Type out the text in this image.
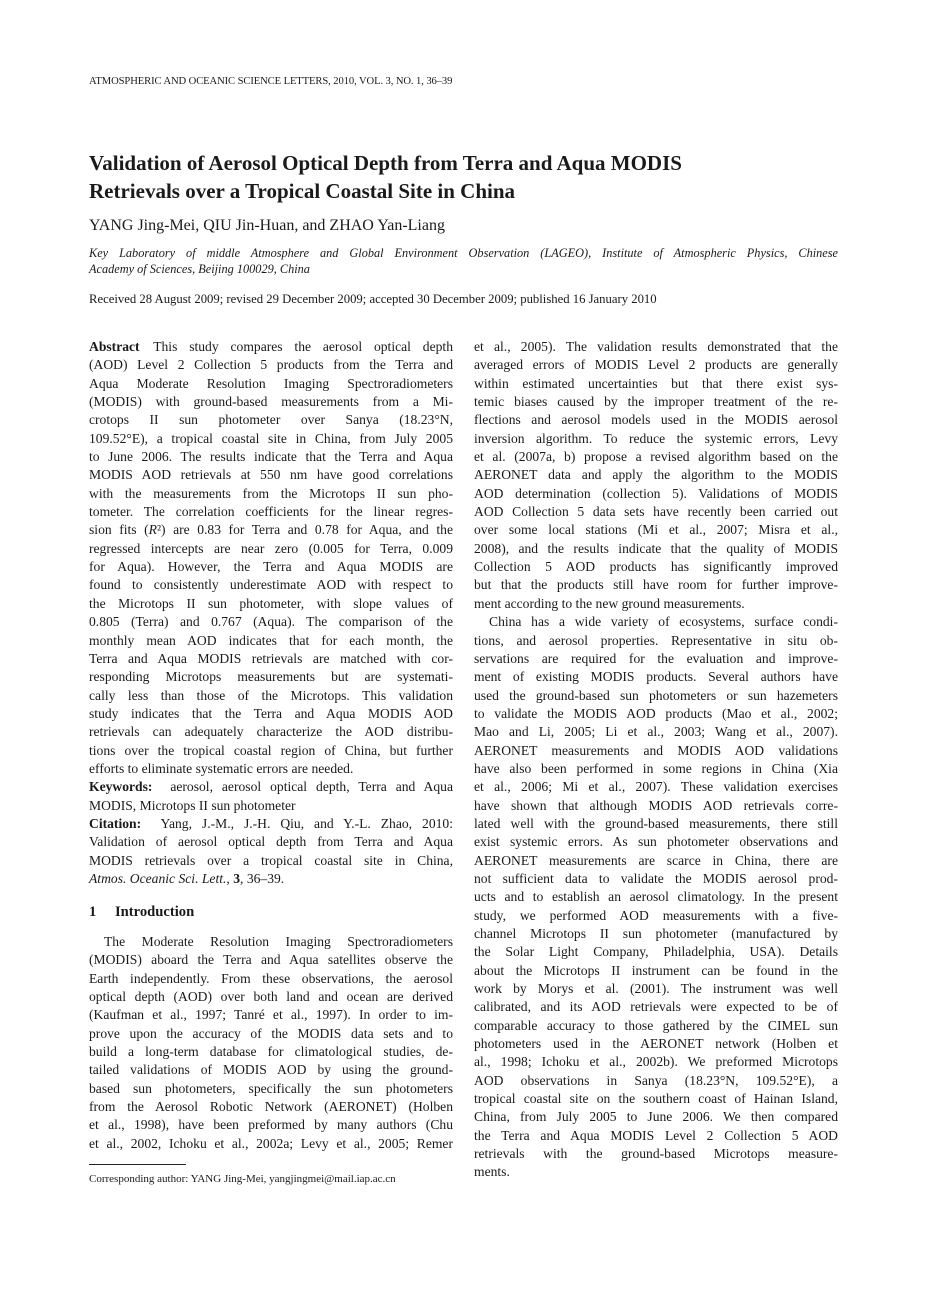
ATMOSPHERIC AND OCEANIC SCIENCE LETTERS, 2010, VOL. 3, NO. 1, 36–39
Validation of Aerosol Optical Depth from Terra and Aqua MODIS
Retrievals over a Tropical Coastal Site in China
YANG Jing-Mei, QIU Jin-Huan, and ZHAO Yan-Liang
Key Laboratory of middle Atmosphere and Global Environment Observation (LAGEO), Institute of Atmospheric Physics, Chinese
Academy of Sciences, Beijing 100029, China
Received 28 August 2009; revised 29 December 2009; accepted 30 December 2009; published 16 January 2010
Abstract This study compares the aerosol optical depth
(AOD) Level 2 Collection 5 products from the Terra and
Aqua Moderate Resolution Imaging Spectroradiometers
(MODIS) with ground-based measurements from a Mi-
crotops II sun photometer over Sanya (18.23°N,
109.52°E), a tropical coastal site in China, from July 2005
to June 2006. The results indicate that the Terra and Aqua
MODIS AOD retrievals at 550 nm have good correlations
with the measurements from the Microtops II sun pho-
tometer. The correlation coefficients for the linear regres-
sion fits (R²) are 0.83 for Terra and 0.78 for Aqua, and the
regressed intercepts are near zero (0.005 for Terra, 0.009
for Aqua). However, the Terra and Aqua MODIS are
found to consistently underestimate AOD with respect to
the Microtops II sun photometer, with slope values of
0.805 (Terra) and 0.767 (Aqua). The comparison of the
monthly mean AOD indicates that for each month, the
Terra and Aqua MODIS retrievals are matched with cor-
responding Microtops measurements but are systemati-
cally less than those of the Microtops. This validation
study indicates that the Terra and Aqua MODIS AOD
retrievals can adequately characterize the AOD distribu-
tions over the tropical coastal region of China, but further
efforts to eliminate systematic errors are needed.
Keywords:  aerosol, aerosol optical depth, Terra and Aqua
MODIS, Microtops II sun photometer
Citation:  Yang, J.-M., J.-H. Qiu, and Y.-L. Zhao, 2010:
Validation of aerosol optical depth from Terra and Aqua
MODIS retrievals over a tropical coastal site in China,
Atmos. Oceanic Sci. Lett., 3, 36–39.
1 Introduction
The Moderate Resolution Imaging Spectroradiometers
(MODIS) aboard the Terra and Aqua satellites observe the
Earth independently. From these observations, the aerosol
optical depth (AOD) over both land and ocean are derived
(Kaufman et al., 1997; Tanré et al., 1997). In order to im-
prove upon the accuracy of the MODIS data sets and to
build a long-term database for climatological studies, de-
tailed validations of MODIS AOD by using the ground-
based sun photometers, specifically the sun photometers
from the Aerosol Robotic Network (AERONET) (Holben
et al., 1998), have been preformed by many authors (Chu
et al., 2002, Ichoku et al., 2002a; Levy et al., 2005; Remer
et al., 2005). The validation results demonstrated that the
averaged errors of MODIS Level 2 products are generally
within estimated uncertainties but that there exist sys-
temic biases caused by the improper treatment of the re-
flections and aerosol models used in the MODIS aerosol
inversion algorithm. To reduce the systemic errors, Levy
et al. (2007a, b) propose a revised algorithm based on the
AERONET data and apply the algorithm to the MODIS
AOD determination (collection 5). Validations of MODIS
AOD Collection 5 data sets have recently been carried out
over some local stations (Mi et al., 2007; Misra et al.,
2008), and the results indicate that the quality of MODIS
Collection 5 AOD products has significantly improved
but that the products still have room for further improve-
ment according to the new ground measurements.
China has a wide variety of ecosystems, surface condi-
tions, and aerosol properties. Representative in situ ob-
servations are required for the evaluation and improve-
ment of existing MODIS products. Several authors have
used the ground-based sun photometers or sun hazemeters
to validate the MODIS AOD products (Mao et al., 2002;
Mao and Li, 2005; Li et al., 2003; Wang et al., 2007).
AERONET measurements and MODIS AOD validations
have also been performed in some regions in China (Xia
et al., 2006; Mi et al., 2007). These validation exercises
have shown that although MODIS AOD retrievals corre-
lated well with the ground-based measurements, there still
exist systemic errors. As sun photometer observations and
AERONET measurements are scarce in China, there are
not sufficient data to validate the MODIS aerosol prod-
ucts and to establish an aerosol climatology. In the present
study, we performed AOD measurements with a five-
channel Microtops II sun photometer (manufactured by
the Solar Light Company, Philadelphia, USA). Details
about the Microtops II instrument can be found in the
work by Morys et al. (2001). The instrument was well
calibrated, and its AOD retrievals were expected to be of
comparable accuracy to those gathered by the CIMEL sun
photometers used in the AERONET network (Holben et
al., 1998; Ichoku et al., 2002b). We preformed Microtops
AOD observations in Sanya (18.23°N, 109.52°E), a
tropical coastal site on the southern coast of Hainan Island,
China, from July 2005 to June 2006. We then compared
the Terra and Aqua MODIS Level 2 Collection 5 AOD
retrievals with the ground-based Microtops measure-
ments.
Corresponding author: YANG Jing-Mei, yangjingmei@mail.iap.ac.cn
